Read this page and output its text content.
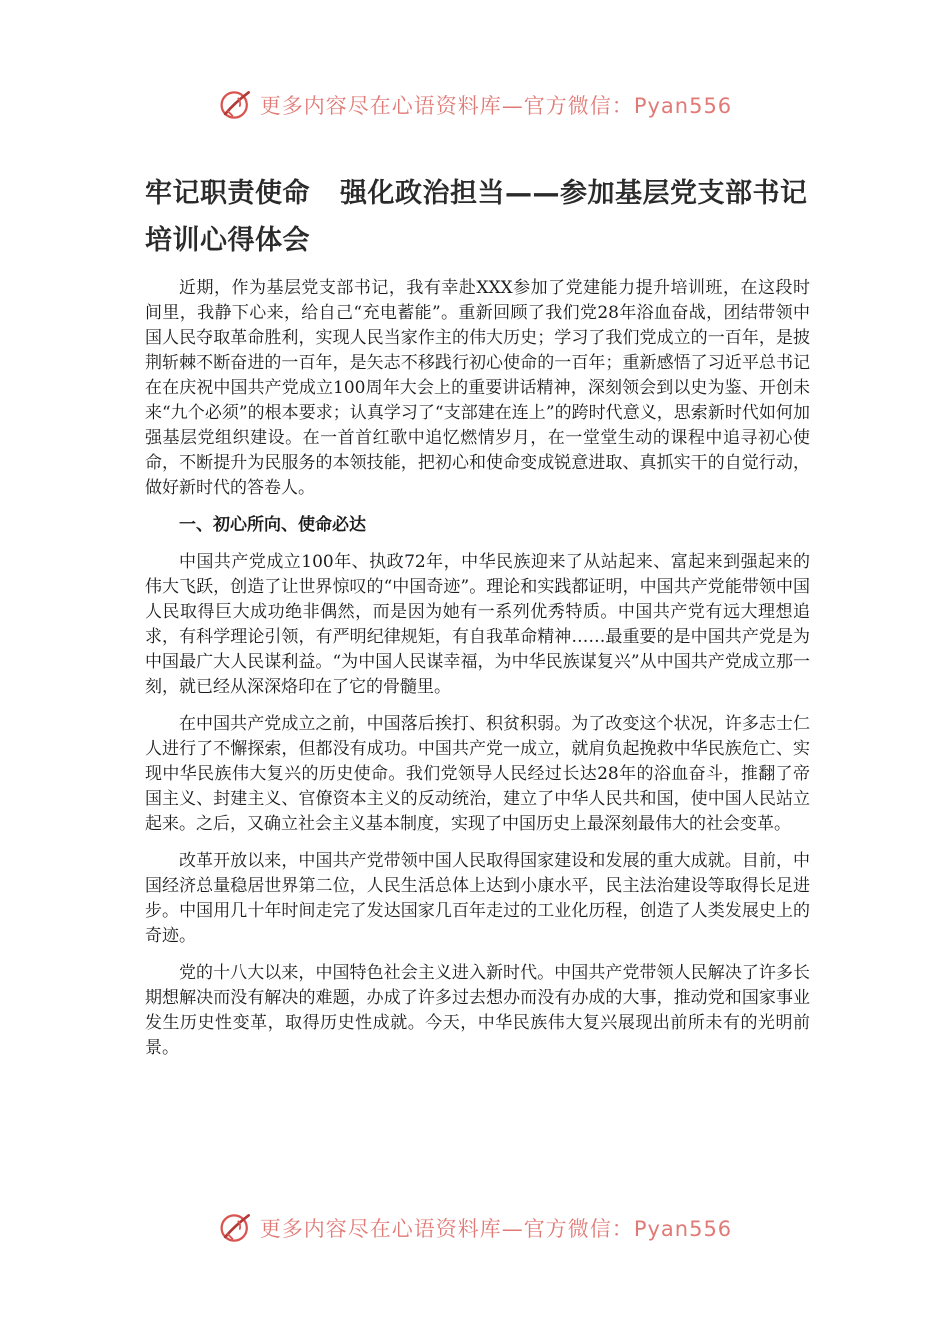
更多内容尽在心语资料库—官方微信：Pyan556
牢记职责使命 强化政治担当——参加基层党支部书记培训心得体会

近期，作为基层党支部书记，我有幸赴XXX参加了党建能力提升培训班，在这段时间里，我静下心来，给自己“充电蓄能”。重新回顾了我们党28年浴血奋战，团结带领中国人民夺取革命胜利，实现人民当家作主的伟大历史；学习了我们党成立的一百年，是披荆斩棘不断奋进的一百年，是矢志不移践行初心使命的一百年；重新感悟了习近平总书记在在庆祝中国共产党成立100周年大会上的重要讲话精神，深刻领会到以史为鉴、开创未来“九个必须”的根本要求；认真学习了“支部建在连上”的跨时代意义，思索新时代如何加强基层党组织建设。在一首首红歌中追忆燃情岁月，在一堂堂生动的课程中追寻初心使命，不断提升为民服务的本领技能，把初心和使命变成锐意进取、真抓实干的自觉行动，做好新时代的答卷人。

一、初心所向、使命必达

中国共产党成立100年、执政72年，中华民族迎来了从站起来、富起来到强起来的伟大飞跃，创造了让世界惊叹的“中国奇迹”。理论和实践都证明，中国共产党能带领中国人民取得巨大成功绝非偶然，而是因为她有一系列优秀特质。中国共产党有远大理想追求，有科学理论引领，有严明纪律规矩，有自我革命精神……最重要的是中国共产党是为中国最广大人民谋利益。“为中国人民谋幸福，为中华民族谋复兴”从中国共产党成立那一刻，就已经从深深烙印在了它的骨髓里。

在中国共产党成立之前，中国落后挨打、积贫积弱。为了改变这个状况，许多志士仁人进行了不懈探索，但都没有成功。中国共产党一成立，就肩负起挽救中华民族危亡、实现中华民族伟大复兴的历史使命。我们党领导人民经过长达28年的浴血奋斗，推翻了帝国主义、封建主义、官僚资本主义的反动统治，建立了中华人民共和国，使中国人民站立起来。之后，又确立社会主义基本制度，实现了中国历史上最深刻最伟大的社会变革。

改革开放以来，中国共产党带领中国人民取得国家建设和发展的重大成就。目前，中国经济总量稳居世界第二位，人民生活总体上达到小康水平，民主法治建设等取得长足进步。中国用几十年时间走完了发达国家几百年走过的工业化历程，创造了人类发展史上的奇迹。

党的十八大以来，中国特色社会主义进入新时代。中国共产党带领人民解决了许多长期想解决而没有解决的难题，办成了许多过去想办而没有办成的大事，推动党和国家事业发生历史性变革，取得历史性成就。今天，中华民族伟大复兴展现出前所未有的光明前景。

更多内容尽在心语资料库—官方微信：Pyan556
